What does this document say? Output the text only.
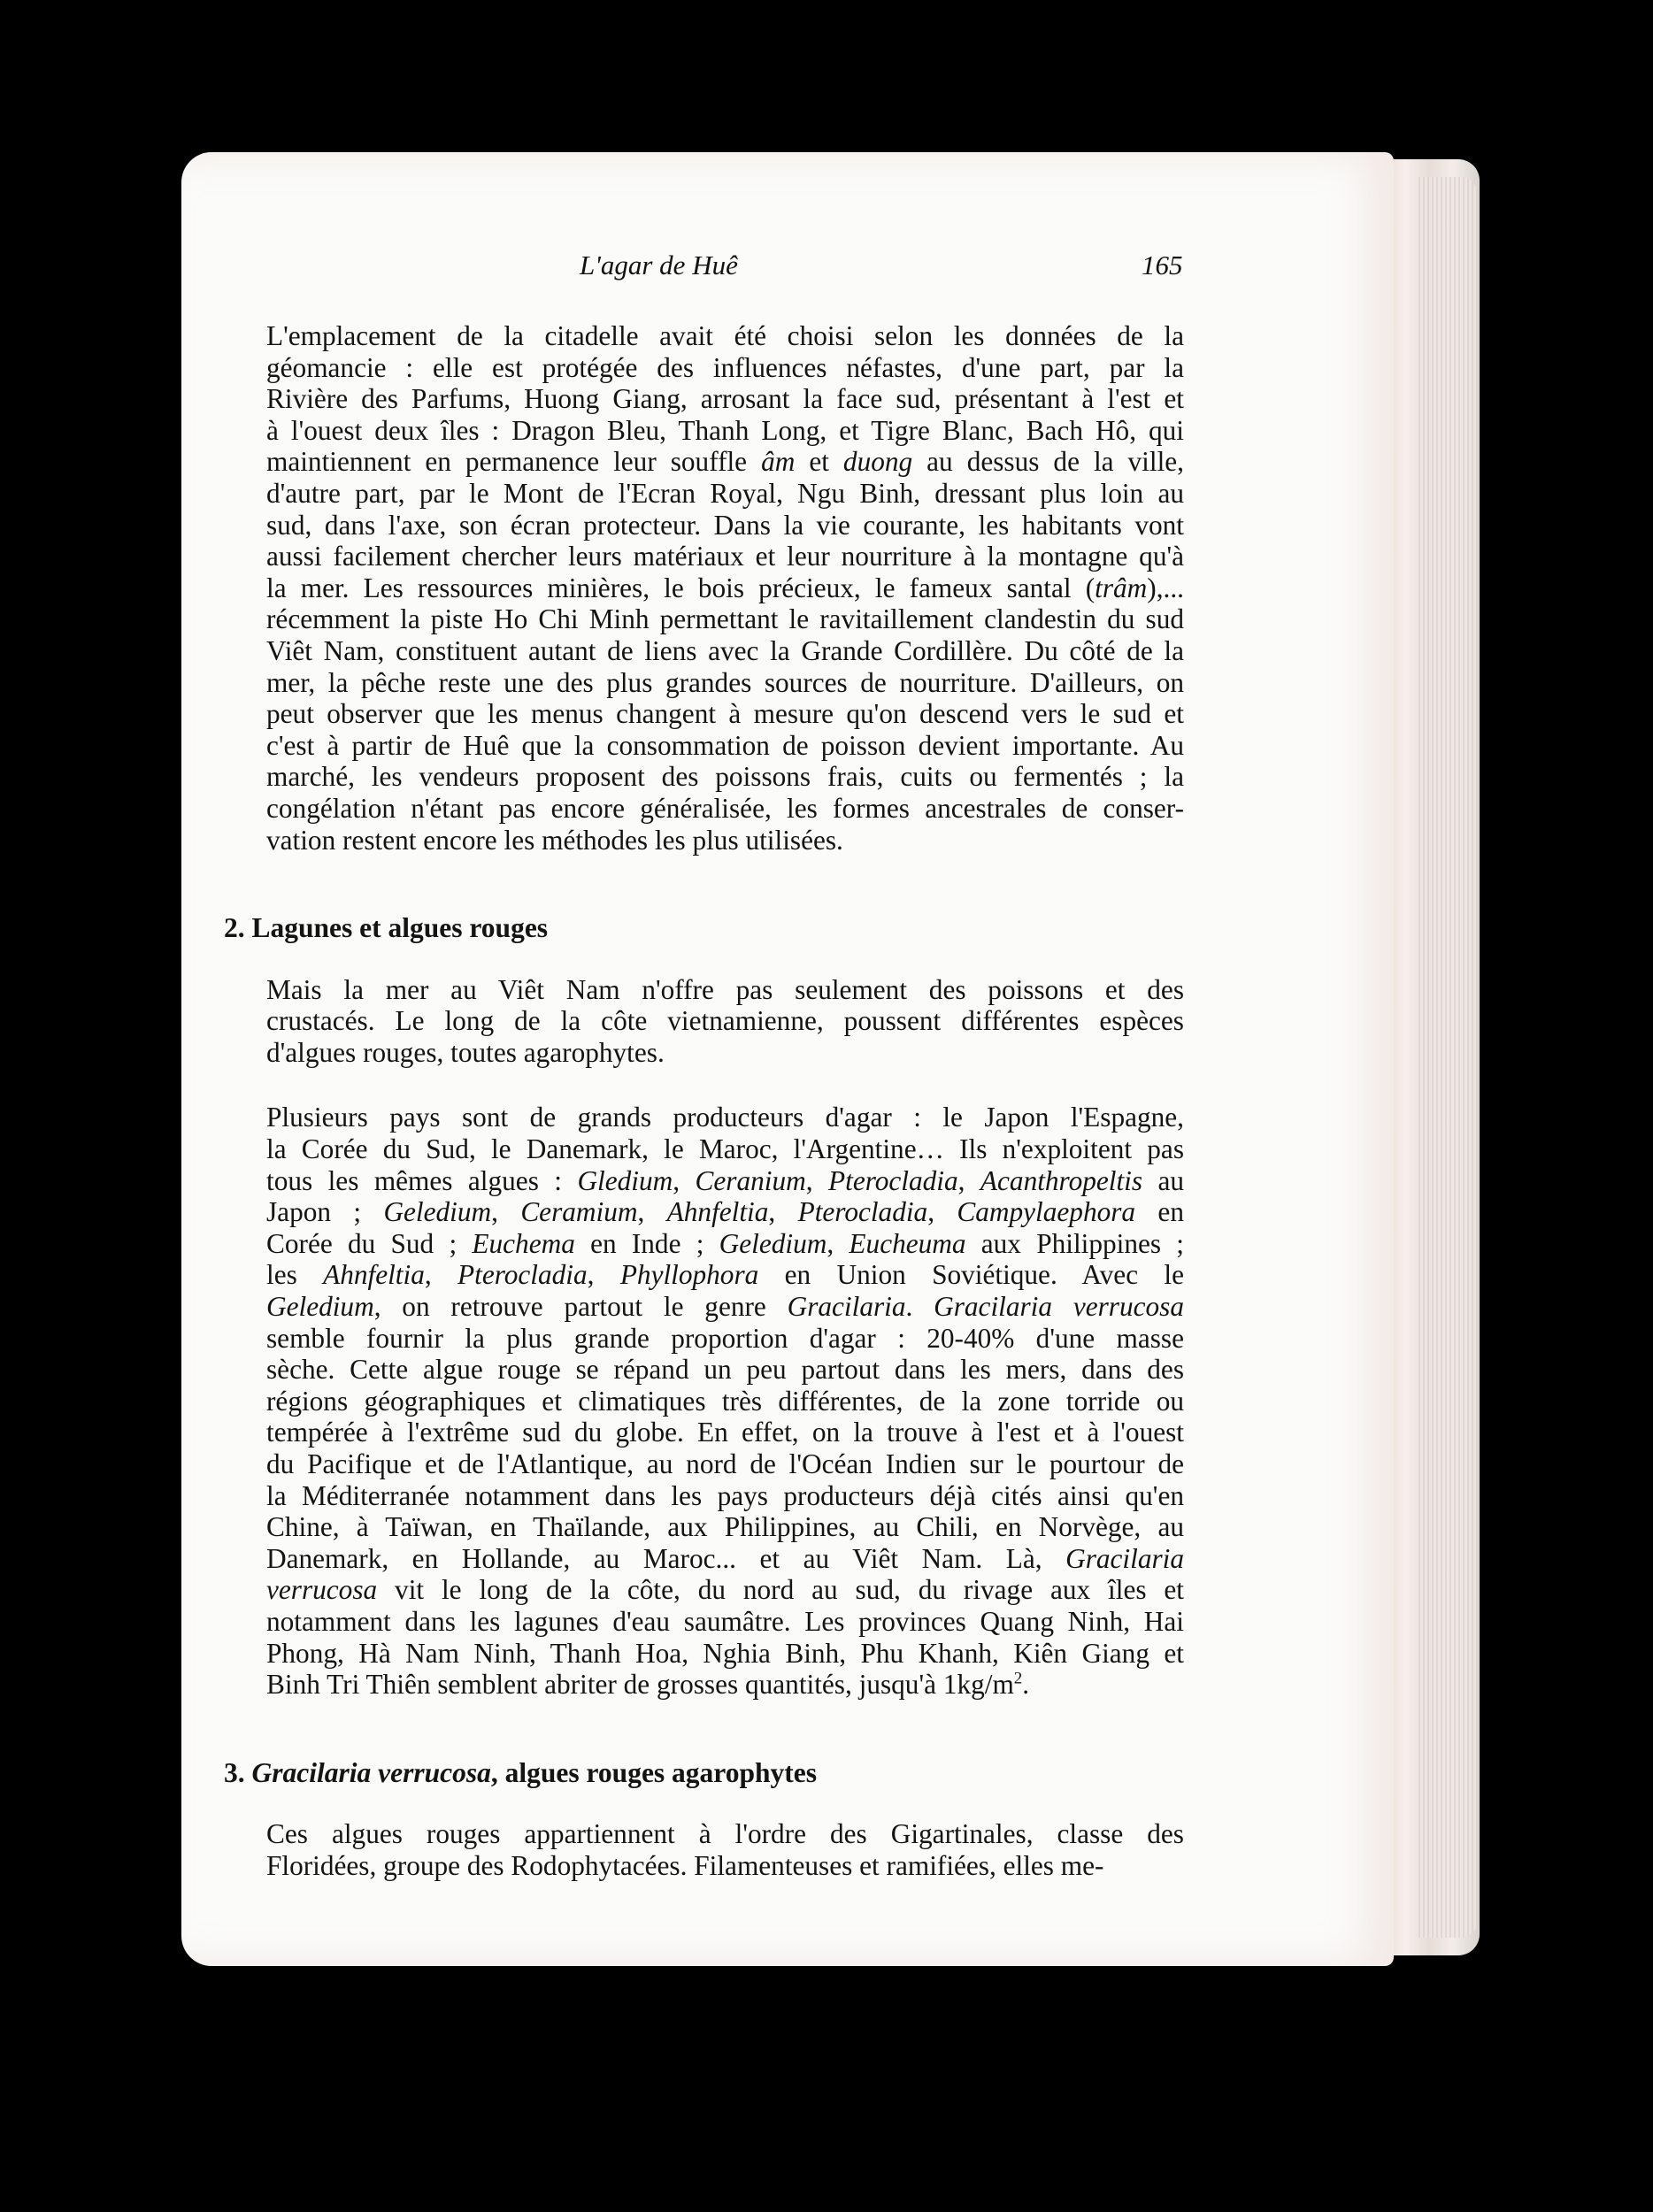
L'agar de Huê	165

L'emplacement de la citadelle avait été choisi selon les données de la
géomancie : elle est protégée des influences néfastes, d'une part, par la
Rivière des Parfums, Huong Giang, arrosant la face sud, présentant à l'est et
à l'ouest deux îles : Dragon Bleu, Thanh Long, et Tigre Blanc, Bach Hô, qui
maintiennent en permanence leur souffle âm et duong au dessus de la ville,
d'autre part, par le Mont de l'Ecran Royal, Ngu Binh, dressant plus loin au
sud, dans l'axe, son écran protecteur. Dans la vie courante, les habitants vont
aussi facilement chercher leurs matériaux et leur nourriture à la montagne qu'à
la mer. Les ressources minières, le bois précieux, le fameux santal (trâm),...
récemment la piste Ho Chi Minh permettant le ravitaillement clandestin du sud
Viêt Nam, constituent autant de liens avec la Grande Cordillère. Du côté de la
mer, la pêche reste une des plus grandes sources de nourriture. D'ailleurs, on
peut observer que les menus changent à mesure qu'on descend vers le sud et
c'est à partir de Huê que la consommation de poisson devient importante. Au
marché, les vendeurs proposent des poissons frais, cuits ou fermentés ; la
congélation n'étant pas encore généralisée, les formes ancestrales de conser-
vation restent encore les méthodes les plus utilisées.

2. Lagunes et algues rouges

Mais la mer au Viêt Nam n'offre pas seulement des poissons et des
crustacés. Le long de la côte vietnamienne, poussent différentes espèces
d'algues rouges, toutes agarophytes.

Plusieurs pays sont de grands producteurs d'agar : le Japon l'Espagne,
la Corée du Sud, le Danemark, le Maroc, l'Argentine… Ils n'exploitent pas
tous les mêmes algues : Gledium, Ceranium, Pterocladia, Acanthropeltis au
Japon ; Geledium, Ceramium, Ahnfeltia, Pterocladia, Campylaephora en
Corée du Sud ; Euchema en Inde ; Geledium, Eucheuma aux Philippines ;
les Ahnfeltia, Pterocladia, Phyllophora en Union Soviétique. Avec le
Geledium, on retrouve partout le genre Gracilaria. Gracilaria verrucosa
semble fournir la plus grande proportion d'agar : 20-40% d'une masse
sèche. Cette algue rouge se répand un peu partout dans les mers, dans des
régions géographiques et climatiques très différentes, de la zone torride ou
tempérée à l'extrême sud du globe. En effet, on la trouve à l'est et à l'ouest
du Pacifique et de l'Atlantique, au nord de l'Océan Indien sur le pourtour de
la Méditerranée notamment dans les pays producteurs déjà cités ainsi qu'en
Chine, à Taïwan, en Thaïlande, aux Philippines, au Chili, en Norvège, au
Danemark, en Hollande, au Maroc... et au Viêt Nam. Là, Gracilaria
verrucosa vit le long de la côte, du nord au sud, du rivage aux îles et
notamment dans les lagunes d'eau saumâtre. Les provinces Quang Ninh, Hai
Phong, Hà Nam Ninh, Thanh Hoa, Nghia Binh, Phu Khanh, Kiên Giang et
Binh Tri Thiên semblent abriter de grosses quantités, jusqu'à $1kg/m^2$.

3. Gracilaria verrucosa, algues rouges agarophytes

Ces algues rouges appartiennent à l'ordre des Gigartinales, classe des
Floridées, groupe des Rodophytacées. Filamenteuses et ramifiées, elles me-
